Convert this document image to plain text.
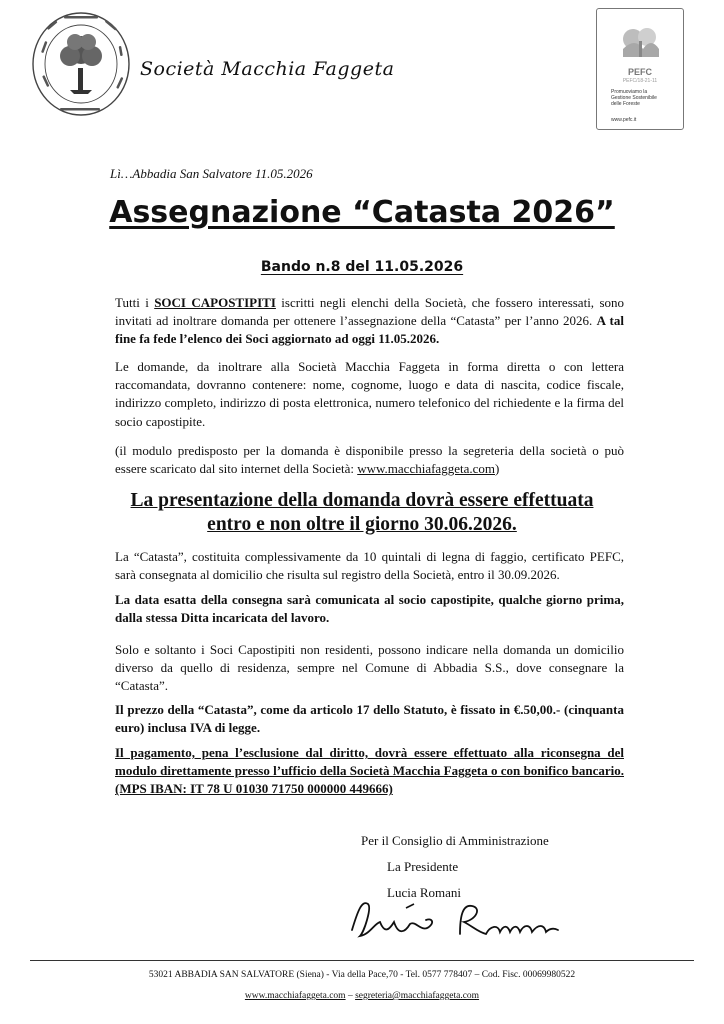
Società Macchia Faggeta	PEFC
PEFC/18-21-11
Promuoviamo la
Gestione Sostenibile
delle Foreste
www.pefc.it
Lì…Abbadia San Salvatore 11.05.2026
Assegnazione “Catasta 2026”
Bando n.8 del 11.05.2026
Tutti i SOCI CAPOSTIPITI iscritti negli elenchi della Società, che fossero interessati, sono invitati ad inoltrare domanda per ottenere l’assegnazione della “Catasta” per l’anno 2026. A tal fine fa fede l’elenco dei Soci aggiornato ad oggi 11.05.2026.
Le domande, da inoltrare alla Società Macchia Faggeta in forma diretta o con lettera raccomandata, dovranno contenere: nome, cognome, luogo e data di nascita, codice fiscale, indirizzo completo, indirizzo di posta elettronica, numero telefonico del richiedente e la firma del socio capostipite.
(il modulo predisposto per la domanda è disponibile presso la segreteria della società o può essere scaricato dal sito internet della Società: www.macchiafaggeta.com)
La presentazione della domanda dovrà essere effettuata
entro e non oltre il giorno 30.06.2026.
La “Catasta”, costituita complessivamente da 10 quintali di legna di faggio, certificato PEFC, sarà consegnata al domicilio che risulta sul registro della Società, entro il 30.09.2026.
La data esatta della consegna sarà comunicata al socio capostipite, qualche giorno prima, dalla stessa Ditta incaricata del lavoro.
Solo e soltanto i Soci Capostipiti non residenti, possono indicare nella domanda un domicilio diverso da quello di residenza, sempre nel Comune di Abbadia S.S., dove consegnare la “Catasta”.
Il prezzo della “Catasta”, come da articolo 17 dello Statuto, è fissato in €.50,00.- (cinquanta euro) inclusa IVA di legge.
Il pagamento, pena l’esclusione dal diritto, dovrà essere effettuato alla riconsegna del modulo direttamente presso l’ufficio della Società Macchia Faggeta o con bonifico bancario. (MPS IBAN: IT 78 U 01030 71750 000000 449666)
Per il Consiglio di Amministrazione
La Presidente
Lucia Romani
53021 ABBADIA SAN SALVATORE (Siena) - Via della Pace,70 - Tel. 0577 778407 – Cod. Fisc. 00069980522
www.macchiafaggeta.com – segreteria@macchiafaggeta.com
